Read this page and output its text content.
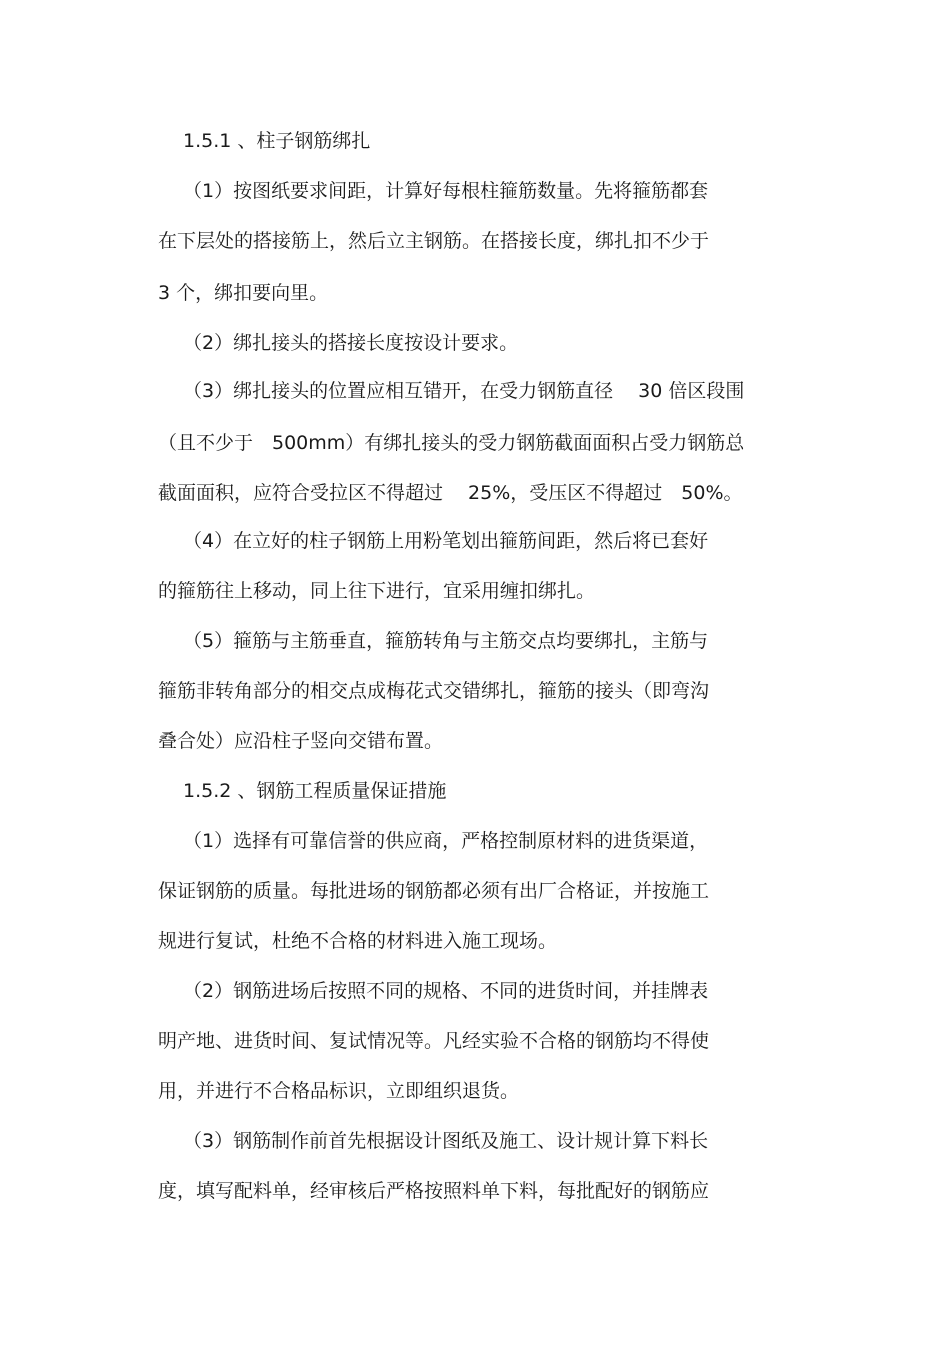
1.5.1 、柱子钢筋绑扎
（1）按图纸要求间距，计算好每根柱箍筋数量。先将箍筋都套
在下层处的搭接筋上，然后立主钢筋。在搭接长度，绑扎扣不少于
3 个，绑扣要向里。
（2）绑扎接头的搭接长度按设计要求。
（3）绑扎接头的位置应相互错开，在受力钢筋直径　 30 倍区段围
（且不少于　500mm）有绑扎接头的受力钢筋截面面积占受力钢筋总
截面面积，应符合受拉区不得超过　 25%，受压区不得超过　50%。
（4）在立好的柱子钢筋上用粉笔划出箍筋间距，然后将已套好
的箍筋往上移动，同上往下进行，宜采用缠扣绑扎。
（5）箍筋与主筋垂直，箍筋转角与主筋交点均要绑扎，主筋与
箍筋非转角部分的相交点成梅花式交错绑扎，箍筋的接头（即弯沟
叠合处）应沿柱子竖向交错布置。
1.5.2 、钢筋工程质量保证措施
（1）选择有可靠信誉的供应商，严格控制原材料的进货渠道，
保证钢筋的质量。每批进场的钢筋都必须有出厂合格证，并按施工
规进行复试，杜绝不合格的材料进入施工现场。
（2）钢筋进场后按照不同的规格、不同的进货时间，并挂牌表
明产地、进货时间、复试情况等。凡经实验不合格的钢筋均不得使
用，并进行不合格品标识，立即组织退货。
（3）钢筋制作前首先根据设计图纸及施工、设计规计算下料长
度，填写配料单，经审核后严格按照料单下料，每批配好的钢筋应
